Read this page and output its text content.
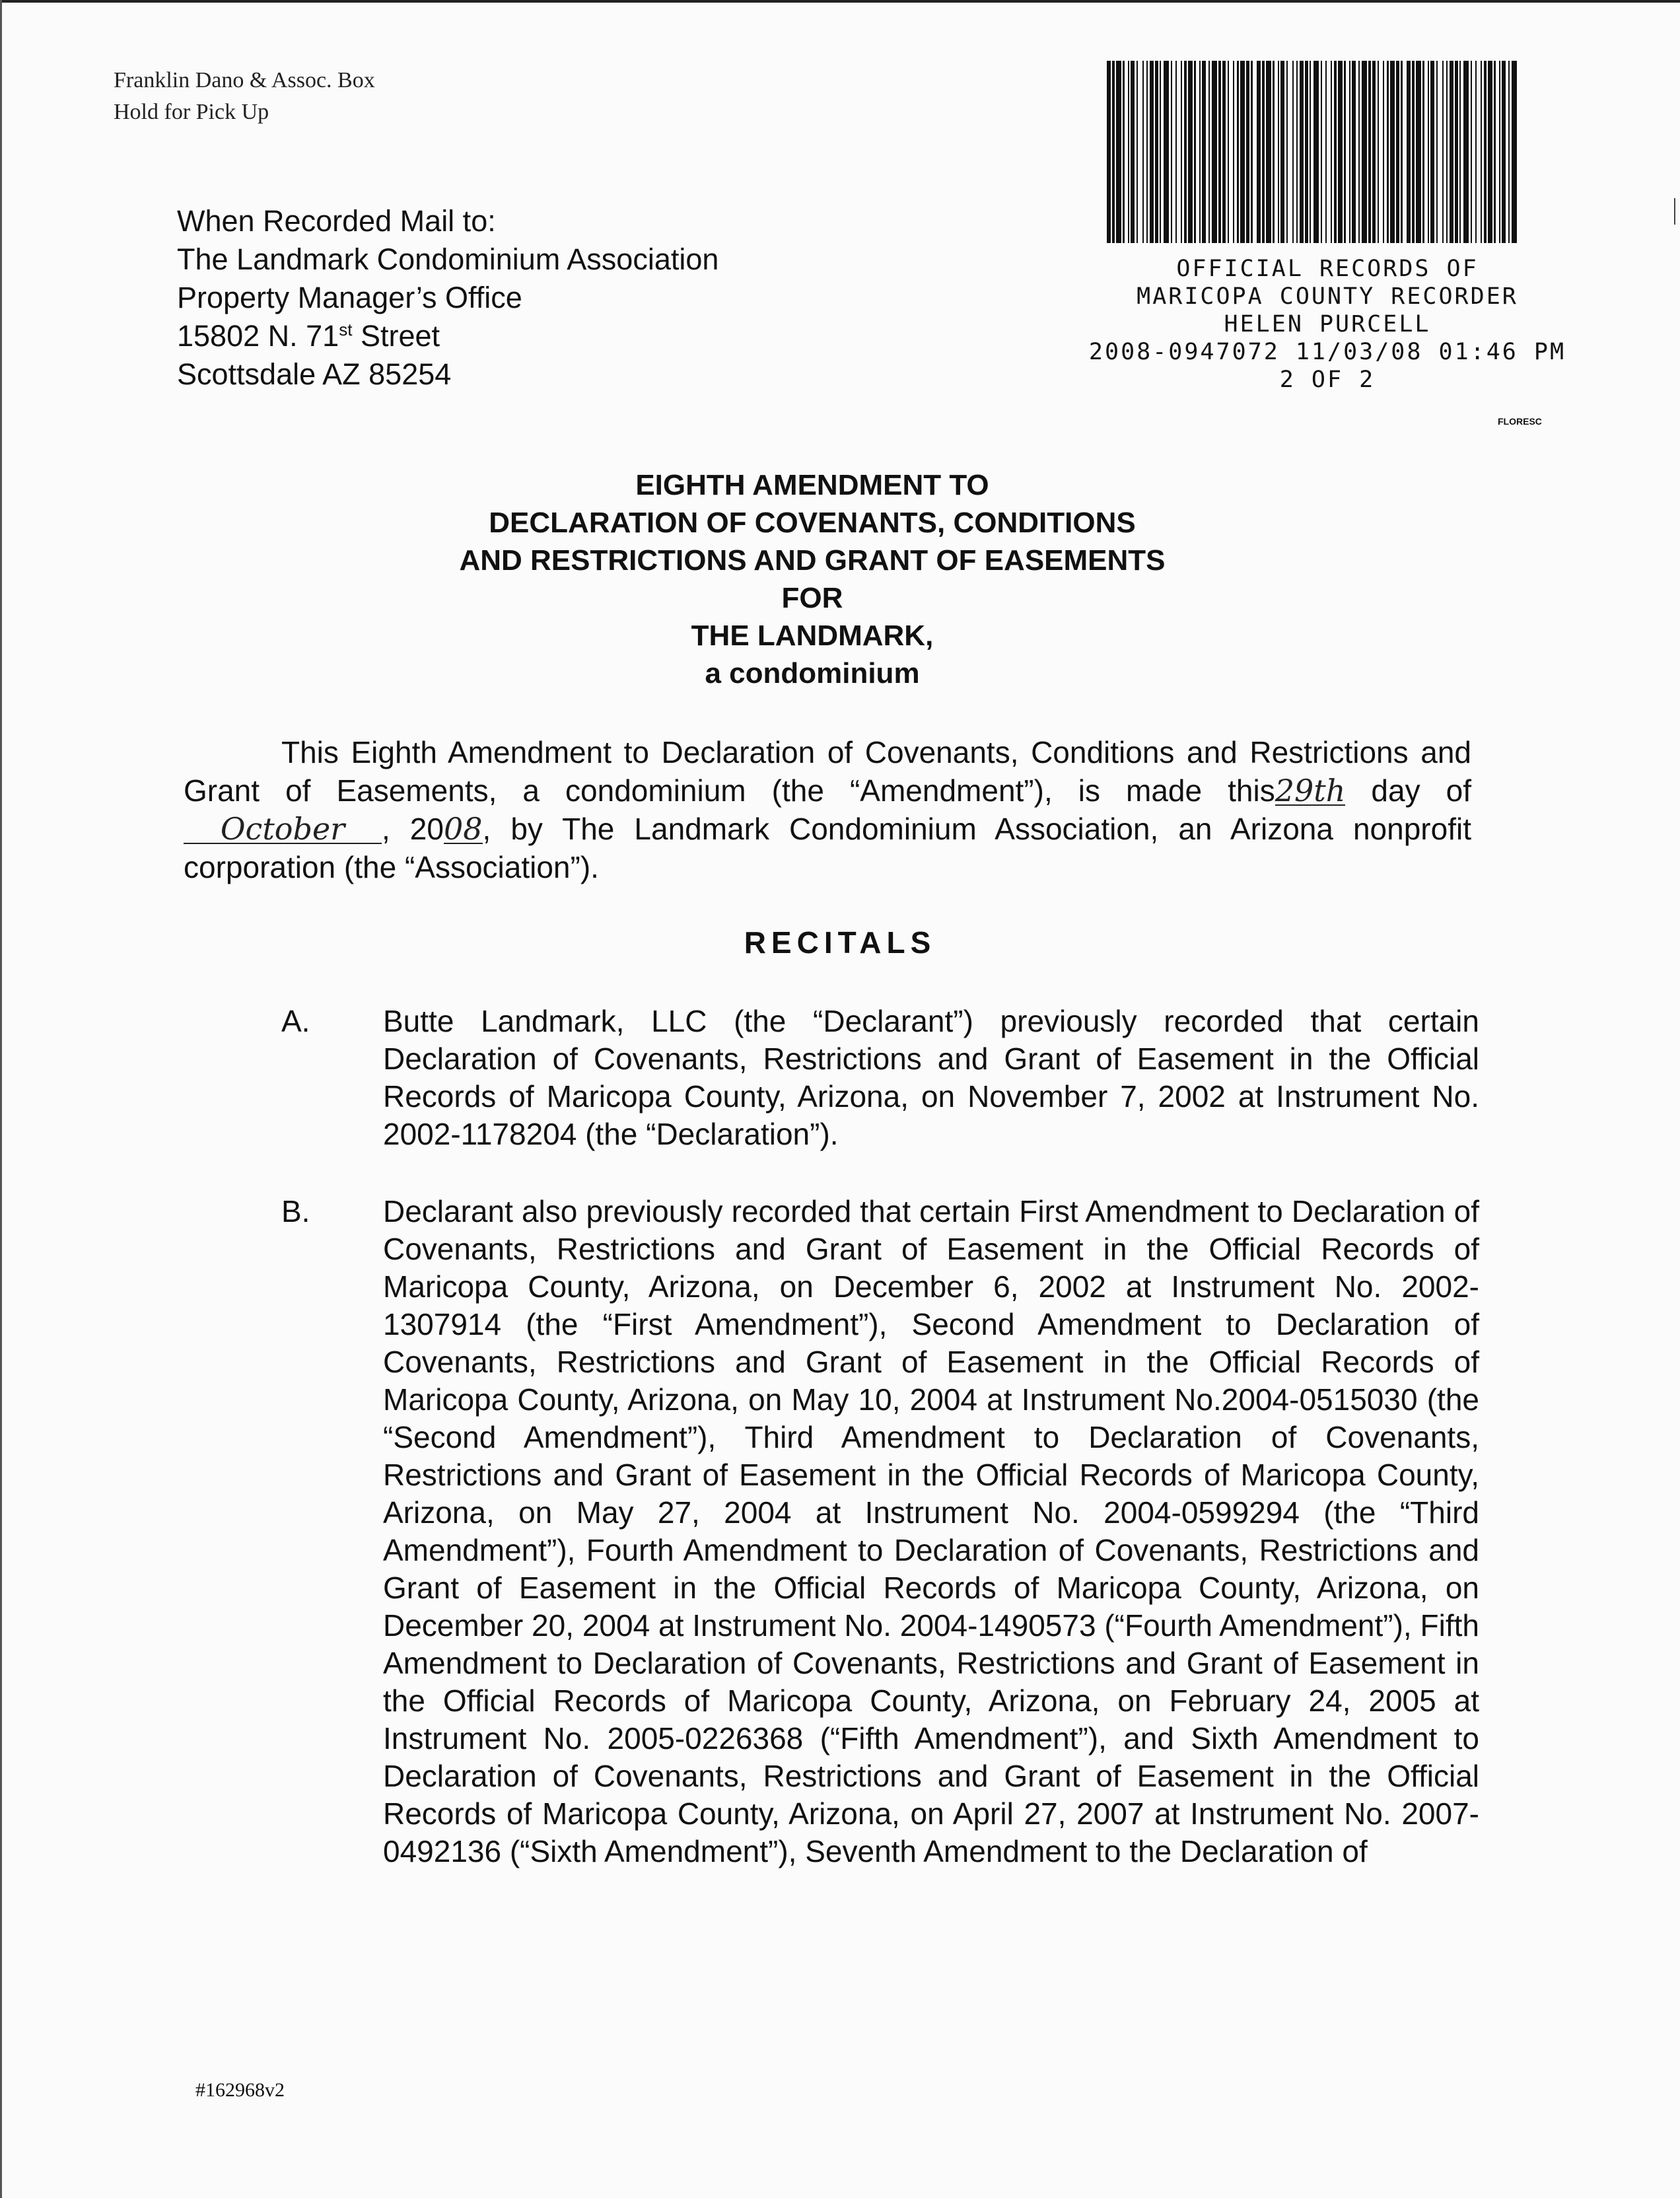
Franklin Dano & Assoc. Box
Hold for Pick Up
When Recorded Mail to:
The Landmark Condominium Association
Property Manager’s Office
15802 N. 71st Street
Scottsdale AZ 85254
OFFICIAL RECORDS OF
MARICOPA COUNTY RECORDER
HELEN PURCELL
2008-0947072 11/03/08 01:46 PM
2 OF 2
FLORESC
EIGHTH AMENDMENT TO
DECLARATION OF COVENANTS, CONDITIONS
AND RESTRICTIONS AND GRANT OF EASEMENTS
FOR
THE LANDMARK,
a condominium

This Eighth Amendment to Declaration of Covenants, Conditions and Restrictions and Grant of Easements, a condominium (the “Amendment”), is made this29th day of October , 2008, by The Landmark Condominium Association, an Arizona nonprofit corporation (the “Association”).

RECITALS
A. Butte Landmark, LLC (the “Declarant”) previously recorded that certain Declaration of Covenants, Restrictions and Grant of Easement in the Official Records of Maricopa County, Arizona, on November 7, 2002 at Instrument No. 2002-1178204 (the “Declaration”).
B. Declarant also previously recorded that certain First Amendment to Declaration of Covenants, Restrictions and Grant of Easement in the Official Records of Maricopa County, Arizona, on December 6, 2002 at Instrument No. 2002-1307914 (the “First Amendment”), Second Amendment to Declaration of Covenants, Restrictions and Grant of Easement in the Official Records of Maricopa County, Arizona, on May 10, 2004 at Instrument No.2004-0515030 (the “Second Amendment”), Third Amendment to Declaration of Covenants, Restrictions and Grant of Easement in the Official Records of Maricopa County, Arizona, on May 27, 2004 at Instrument No. 2004-0599294 (the “Third Amendment”), Fourth Amendment to Declaration of Covenants, Restrictions and Grant of Easement in the Official Records of Maricopa County, Arizona, on December 20, 2004 at Instrument No. 2004-1490573 (“Fourth Amendment”), Fifth Amendment to Declaration of Covenants, Restrictions and Grant of Easement in the Official Records of Maricopa County, Arizona, on February 24, 2005 at Instrument No. 2005-0226368 (“Fifth Amendment”), and Sixth Amendment to Declaration of Covenants, Restrictions and Grant of Easement in the Official Records of Maricopa County, Arizona, on April 27, 2007 at Instrument No. 2007-0492136 (“Sixth Amendment”), Seventh Amendment to the Declaration of
#162968v2
